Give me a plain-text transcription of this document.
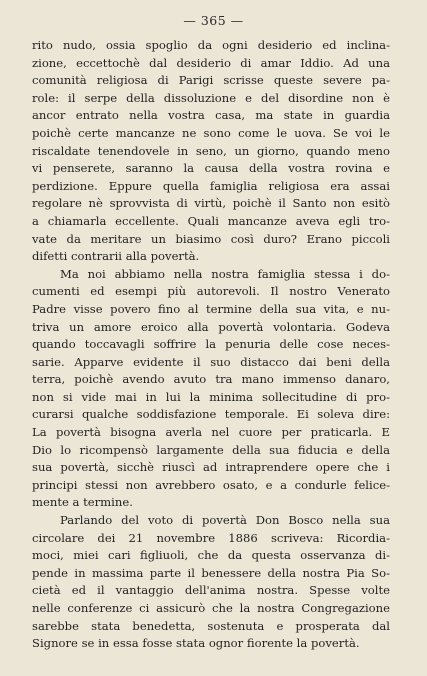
— 365 —
rito nudo, ossia spoglio da ogni desiderio ed inclina-
zione, eccettochè dal desiderio di amar Iddio. Ad una
comunità religiosa di Parigi scrisse queste severe pa-
role: il serpe della dissoluzione e del disordine non è
ancor entrato nella vostra casa, ma state in guardia
poichè certe mancanze ne sono come le uova. Se voi le
riscaldate tenendovele in seno, un giorno, quando meno
vi penserete, saranno la causa della vostra rovina e
perdizione. Eppure quella famiglia religiosa era assai
regolare nè sprovvista di virtù, poichè il Santo non esitò
a chiamarla eccellente. Quali mancanze aveva egli tro-
vate da meritare un biasimo così duro? Erano piccoli
difetti contrarii alla povertà.
Ma noi abbiamo nella nostra famiglia stessa i do-
cumenti ed esempi più autorevoli. Il nostro Venerato
Padre visse povero fino al termine della sua vita, e nu-
triva un amore eroico alla povertà volontaria. Godeva
quando toccavagli soffrire la penuria delle cose neces-
sarie. Apparve evidente il suo distacco dai beni della
terra, poichè avendo avuto tra mano immenso danaro,
non si vide mai in lui la minima sollecitudine di pro-
curarsi qualche soddisfazione temporale. Ei soleva dire:
La povertà bisogna averla nel cuore per praticarla. E
Dio lo ricompensò largamente della sua fiducia e della
sua povertà, sicchè riuscì ad intraprendere opere che i
principi stessi non avrebbero osato, e a condurle felice-
mente a termine.
Parlando del voto di povertà Don Bosco nella sua
circolare dei 21 novembre 1886 scriveva: Ricordia-
moci, miei cari figliuoli, che da questa osservanza di-
pende in massima parte il benessere della nostra Pia So-
cietà ed il vantaggio dell'anima nostra. Spesse volte
nelle conferenze ci assicurò che la nostra Congregazione
sarebbe stata benedetta, sostenuta e prosperata dal
Signore se in essa fosse stata ognor fiorente la povertà.
